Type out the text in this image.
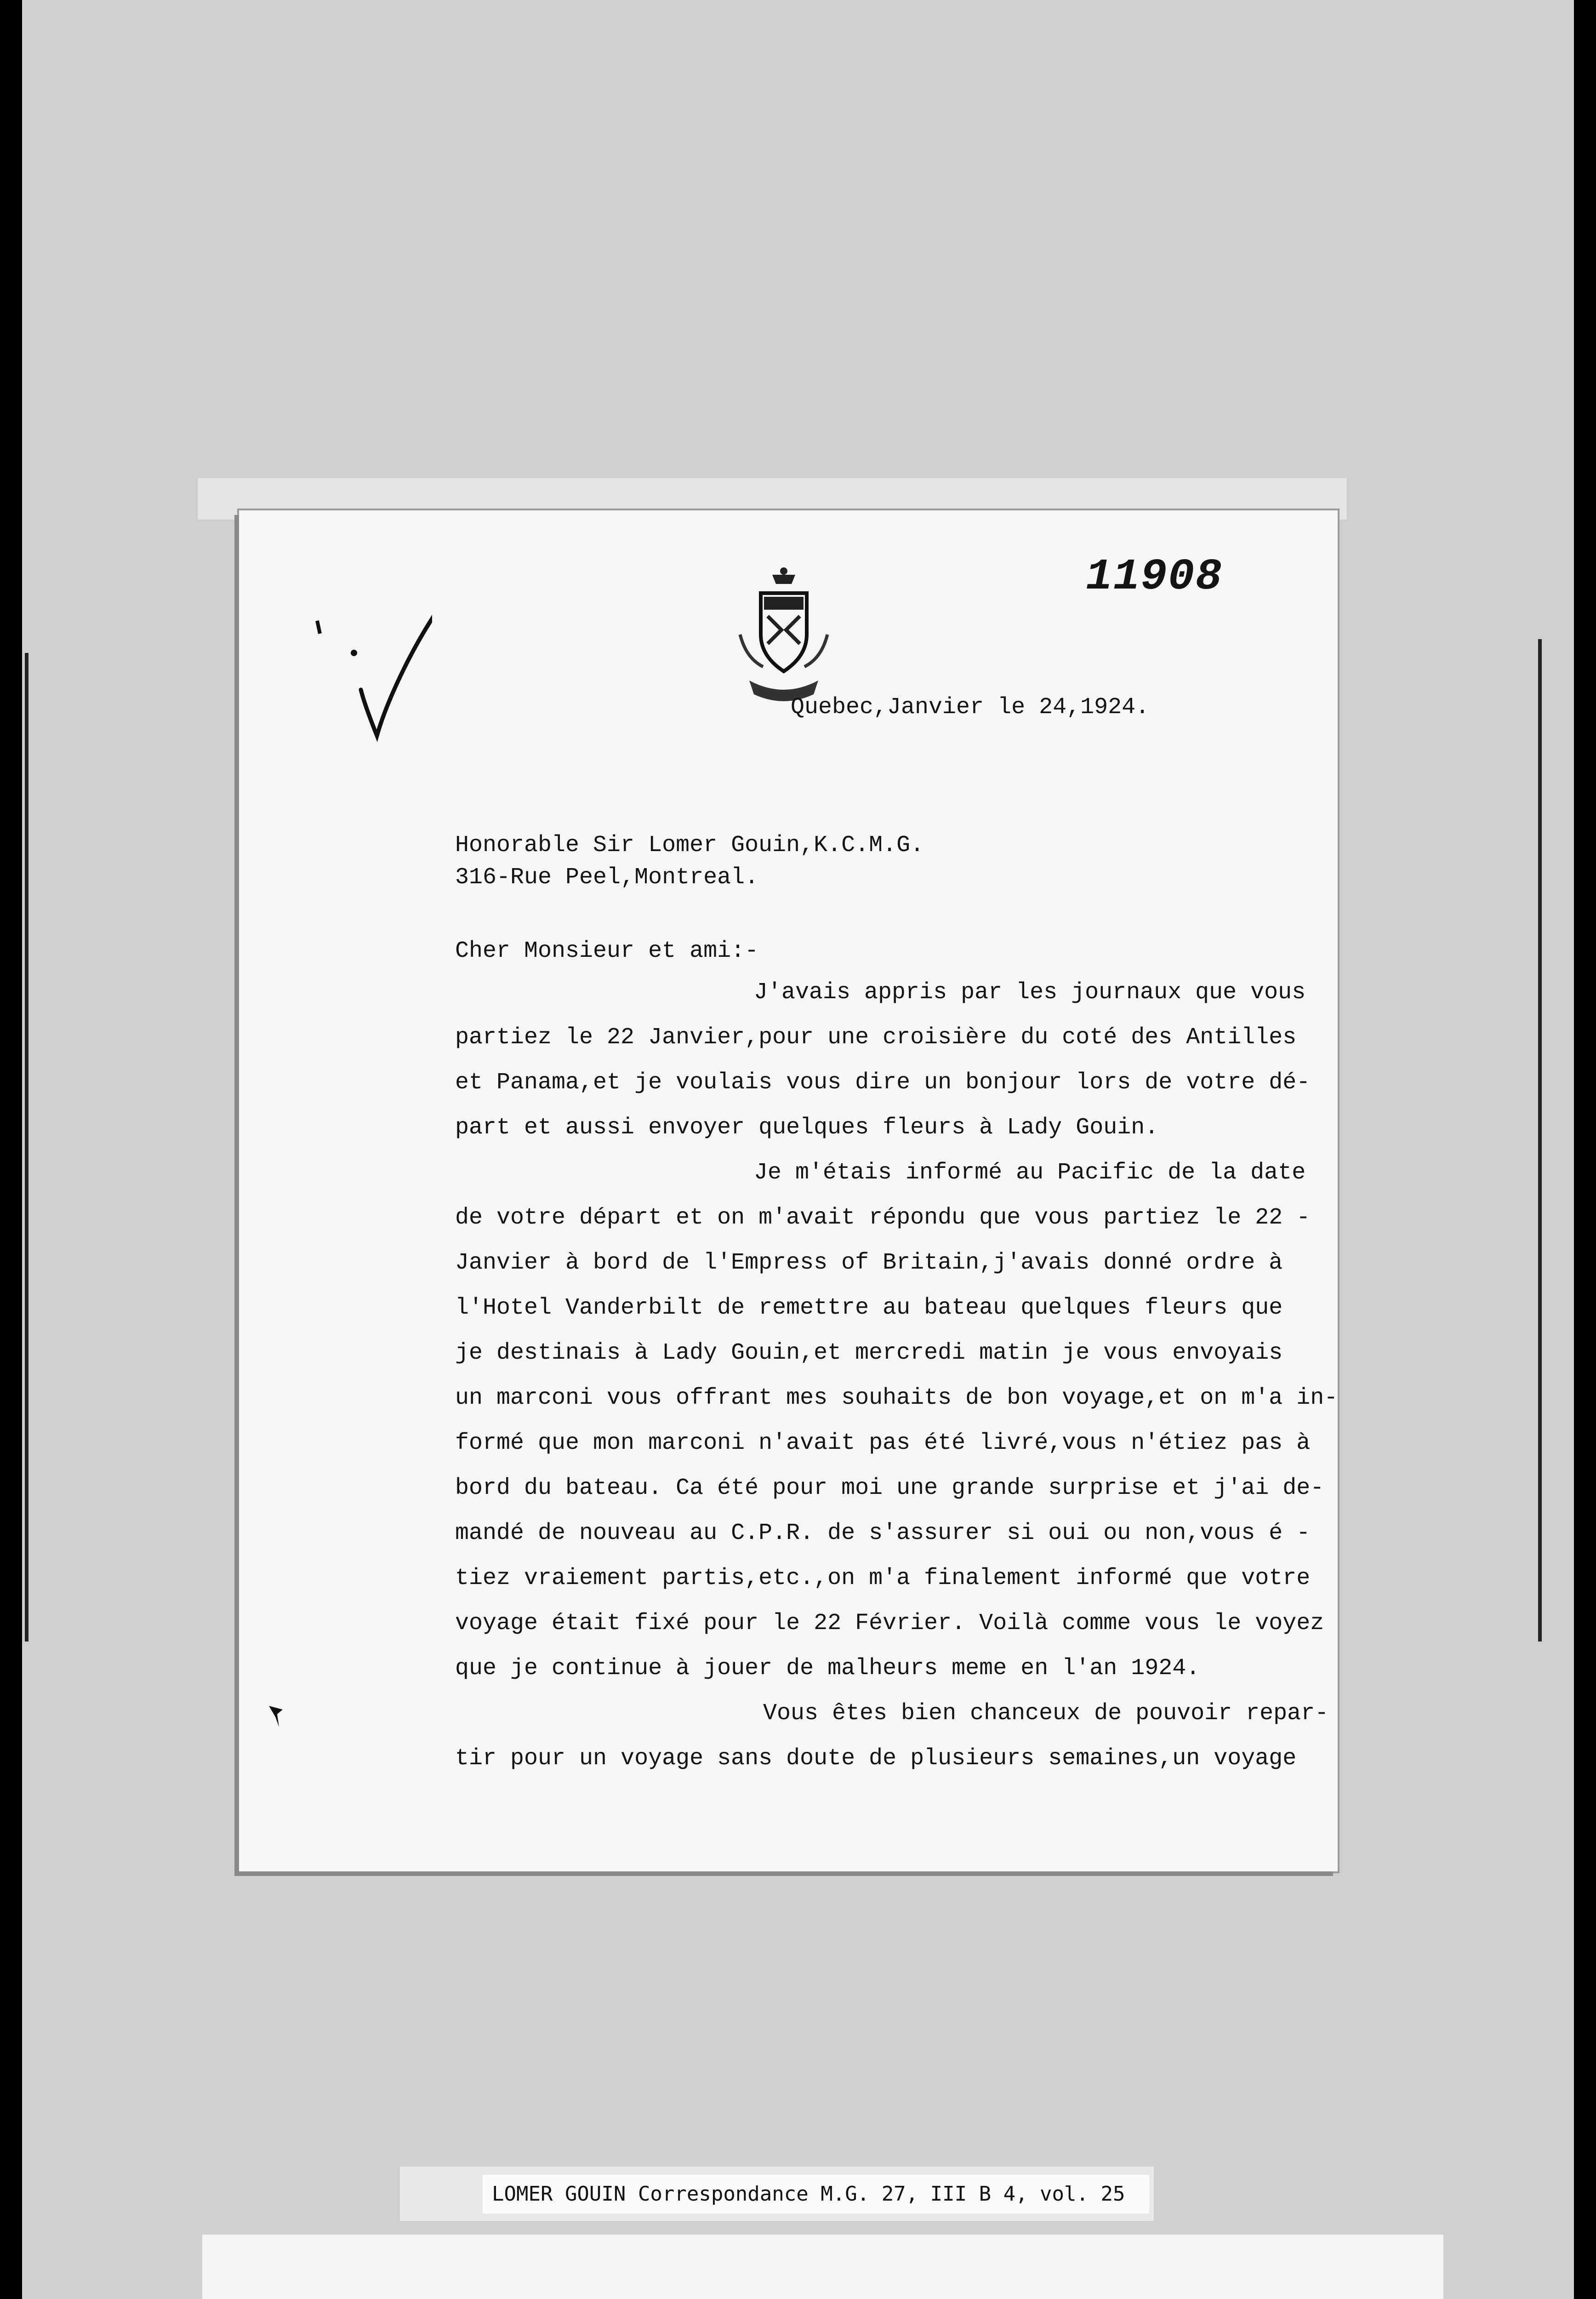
11908
Quebec,Janvier le 24,1924.
Honorable Sir Lomer Gouin,K.C.M.G.
316-Rue Peel,Montreal.
Cher Monsieur et ami:-
J'avais appris par les journaux que vous
partiez le 22 Janvier,pour une croisière du coté des Antilles
et Panama,et je voulais vous dire un bonjour lors de votre dé-
part et aussi envoyer quelques fleurs à Lady Gouin.
Je m'étais informé au Pacific de la date
de votre départ et on m'avait répondu que vous partiez le 22 -
Janvier à bord de l'Empress of Britain,j'avais donné ordre à
l'Hotel Vanderbilt de remettre au bateau quelques fleurs que
je destinais à Lady Gouin,et mercredi matin je vous envoyais
un marconi vous offrant mes souhaits de bon voyage,et on m'a in-
formé que mon marconi n'avait pas été livré,vous n'étiez pas à
bord du bateau. Ca été pour moi une grande surprise et j'ai de-
mandé de nouveau au C.P.R. de s'assurer si oui ou non,vous é -
tiez vraiement partis,etc.,on m'a finalement informé que votre
voyage était fixé pour le 22 Février. Voilà comme vous le voyez
que je continue à jouer de malheurs meme en l'an 1924.
Vous êtes bien chanceux de pouvoir repar-
tir pour un voyage sans doute de plusieurs semaines,un voyage
LOMER GOUIN Correspondance M.G. 27, III B 4, vol. 25
